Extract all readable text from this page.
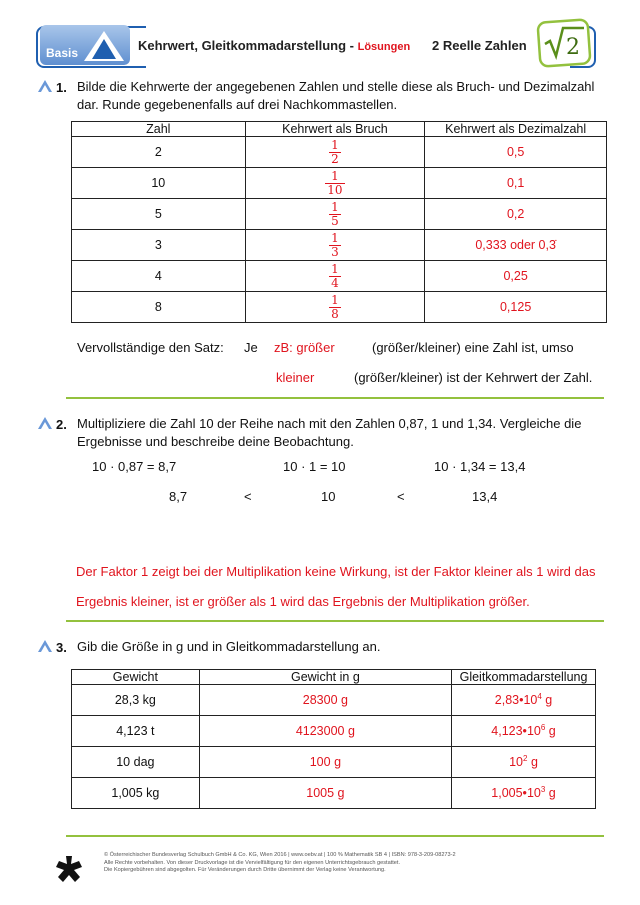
Basis	Kehrwert, Gleitkommadarstellung - Lösungen 2 Reelle Zahlen 2
1. Bilde die Kehrwerte der angegebenen Zahlen und stelle diese als Bruch- und Dezimalzahl
dar. Runde gegebenenfalls auf drei Nachkommastellen.
Zahl	Kehrwert als Bruch	Kehrwert als Dezimalzahl
2	$\frac{1}{2}$	0,5
10	$\frac{1}{10}$	0,1
5	$\frac{1}{5}$	0,2
3	$\frac{1}{3}$	0,333 oder 0,3̇
4	$\frac{1}{4}$	0,25
8	$\frac{1}{8}$	0,125
Vervollständige den Satz: Je zB: größer	(größer/kleiner) eine Zahl ist, umso
kleiner	(größer/kleiner) ist der Kehrwert der Zahl.
2. Multipliziere die Zahl 10 der Reihe nach mit den Zahlen 0,87, 1 und 1,34. Vergleiche die
Ergebnisse und beschreibe deine Beobachtung.
10 · 0,87 = 8,7	10 · 1 = 10	10 · 1,34 = 13,4
8,7	<	10	<	13,4
Der Faktor 1 zeigt bei der Multiplikation keine Wirkung, ist der Faktor kleiner als 1 wird das
Ergebnis kleiner, ist er größer als 1 wird das Ergebnis der Multiplikation größer.
3. Gib die Größe in g und in Gleitkommadarstellung an.
Gewicht	Gewicht in g	Gleitkommadarstellung
28,3 kg	28300 g	$2,83•10^4$ g
4,123 t	4123000 g	$4,123•10^6$ g
10 dag	100 g	$10^2$ g
1,005 kg	1005 g	$1,005•10^3$ g
© Österreichischer Bundesverlag Schulbuch GmbH & Co. KG, Wien 2016 | www.oebv.at | 100 % Mathematik SB 4 | ISBN: 978-3-209-08273-2
Alle Rechte vorbehalten. Von dieser Druckvorlage ist die Vervielfältigung für den eigenen Unterrichtsgebrauch gestattet.
Die Kopiergebühren sind abgegolten. Für Veränderungen durch Dritte übernimmt der Verlag keine Verantwortung.
